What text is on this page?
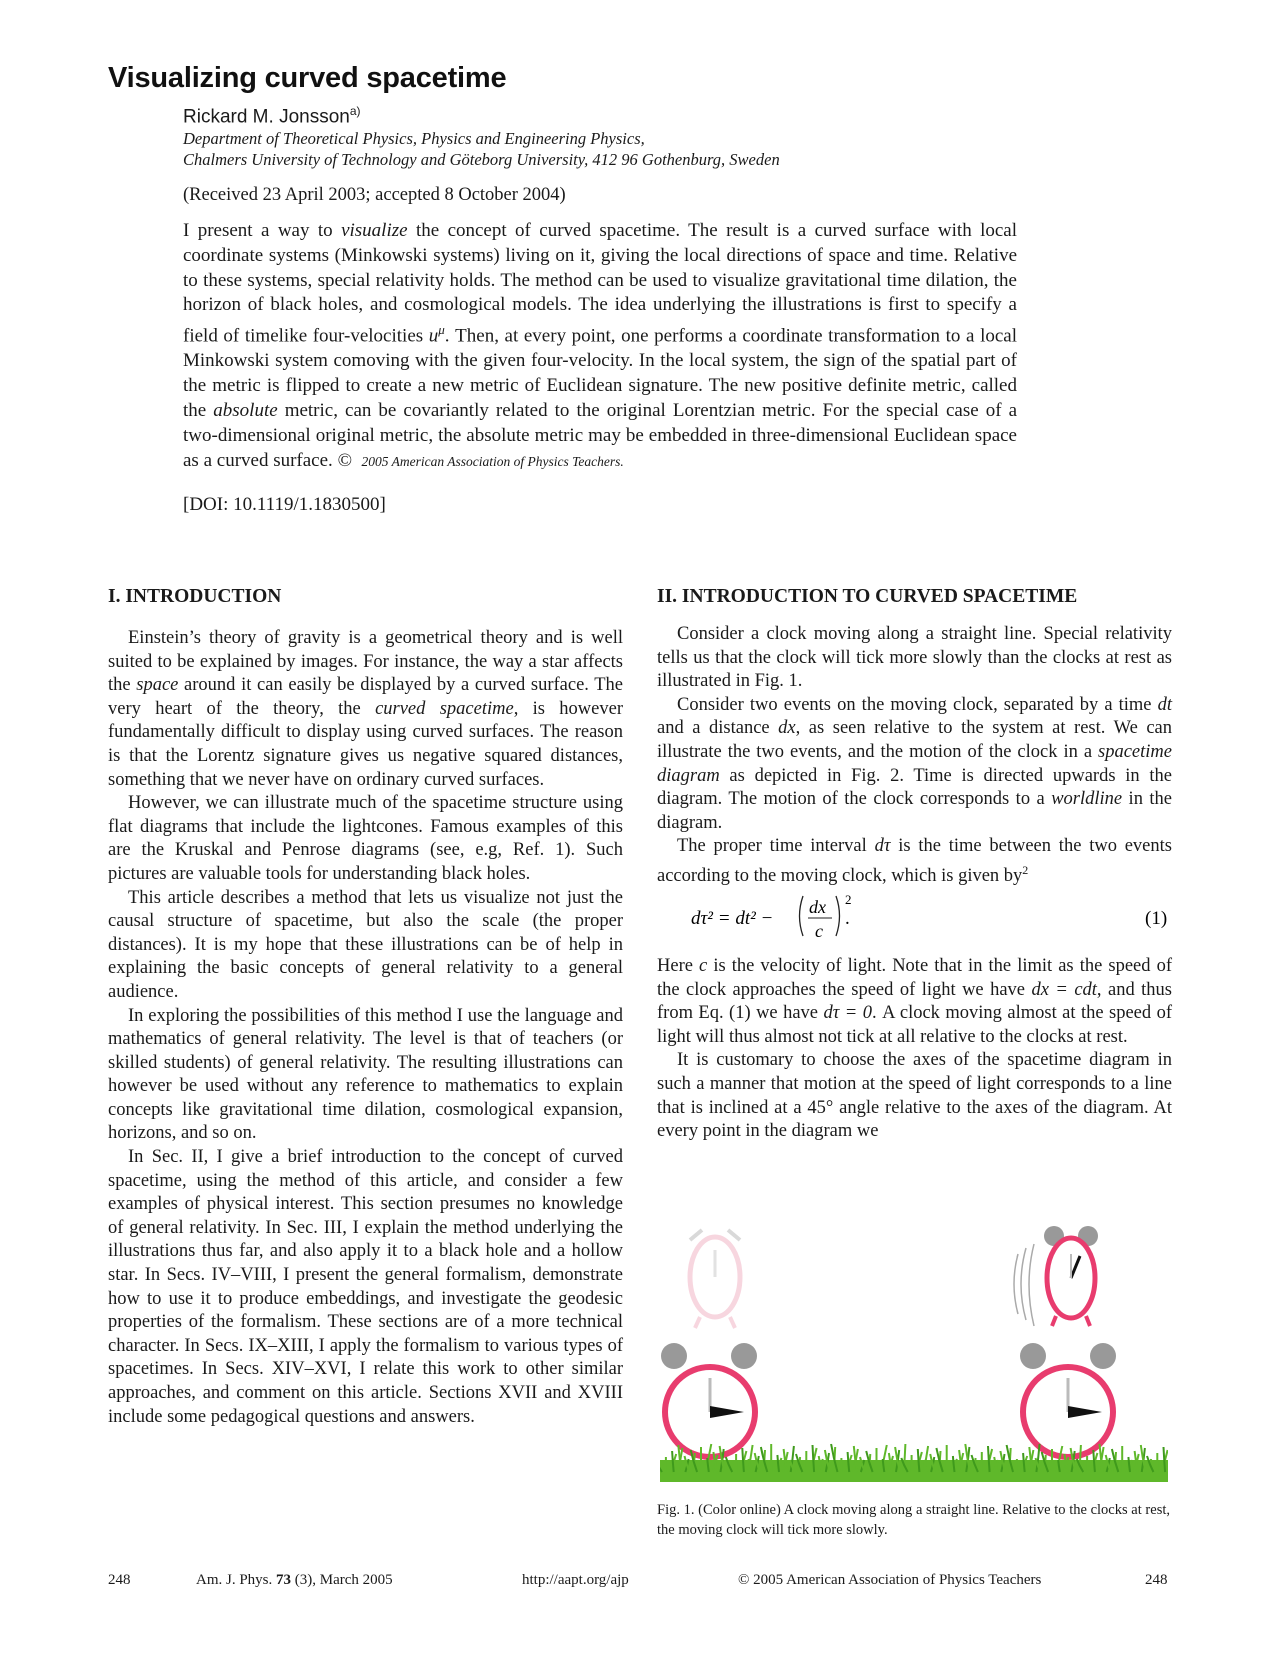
Visualizing curved spacetime
Rickard M. Jonsson$^{a)}$
Department of Theoretical Physics, Physics and Engineering Physics,
Chalmers University of Technology and Göteborg University, 412 96 Gothenburg, Sweden
(Received 23 April 2003; accepted 8 October 2004)
I present a way to visualize the concept of curved spacetime. The result is a curved surface with local coordinate systems (Minkowski systems) living on it, giving the local directions of space and time. Relative to these systems, special relativity holds. The method can be used to visualize gravitational time dilation, the horizon of black holes, and cosmological models. The idea underlying the illustrations is first to specify a field of timelike four-velocities $u^\mu$. Then, at every point, one performs a coordinate transformation to a local Minkowski system comoving with the given four-velocity. In the local system, the sign of the spatial part of the metric is flipped to create a new metric of Euclidean signature. The new positive definite metric, called the absolute metric, can be covariantly related to the original Lorentzian metric. For the special case of a two-dimensional original metric, the absolute metric may be embedded in three-dimensional Euclidean space as a curved surface. © 2005 American Association of Physics Teachers.
[DOI: 10.1119/1.1830500]
I. INTRODUCTION

Einstein’s theory of gravity is a geometrical theory and is well suited to be explained by images. For instance, the way a star affects the space around it can easily be displayed by a curved surface. The very heart of the theory, the curved spacetime, is however fundamentally difficult to display using curved surfaces. The reason is that the Lorentz signature gives us negative squared distances, something that we never have on ordinary curved surfaces.

However, we can illustrate much of the spacetime structure using flat diagrams that include the lightcones. Famous examples of this are the Kruskal and Penrose diagrams (see, e.g, Ref. 1). Such pictures are valuable tools for understanding black holes.

This article describes a method that lets us visualize not just the causal structure of spacetime, but also the scale (the proper distances). It is my hope that these illustrations can be of help in explaining the basic concepts of general relativity to a general audience.

In exploring the possibilities of this method I use the language and mathematics of general relativity. The level is that of teachers (or skilled students) of general relativity. The resulting illustrations can however be used without any reference to mathematics to explain concepts like gravitational time dilation, cosmological expansion, horizons, and so on.

In Sec. II, I give a brief introduction to the concept of curved spacetime, using the method of this article, and consider a few examples of physical interest. This section presumes no knowledge of general relativity. In Sec. III, I explain the method underlying the illustrations thus far, and also apply it to a black hole and a hollow star. In Secs. IV–VIII, I present the general formalism, demonstrate how to use it to produce embeddings, and investigate the geodesic properties of the formalism. These sections are of a more technical character. In Secs. IX–XIII, I apply the formalism to various types of spacetimes. In Secs. XIV–XVI, I relate this work to other similar approaches, and comment on this article. Sections XVII and XVIII include some pedagogical questions and answers.

II. INTRODUCTION TO CURVED SPACETIME

Consider a clock moving along a straight line. Special relativity tells us that the clock will tick more slowly than the clocks at rest as illustrated in Fig. 1.

Consider two events on the moving clock, separated by a time dt and a distance dx, as seen relative to the system at rest. We can illustrate the two events, and the motion of the clock in a spacetime diagram as depicted in Fig. 2. Time is directed upwards in the diagram. The motion of the clock corresponds to a worldline in the diagram.

The proper time interval dτ is the time between the two events according to the moving clock, which is given $by^2$

dτ² = dt² −
dx
c
2
.	(1)

Here c is the velocity of light. Note that in the limit as the speed of the clock approaches the speed of light we have dx = cdt, and thus from Eq. (1) we have dτ = 0. A clock moving almost at the speed of light will thus almost not tick at all relative to the clocks at rest.

It is customary to choose the axes of the spacetime diagram in such a manner that motion at the speed of light corresponds to a line that is inclined at a 45° angle relative to the axes of the diagram. At every point in the diagram we

Fig. 1. (Color online) A clock moving along a straight line. Relative to the clocks at rest, the moving clock will tick more slowly.
248	Am. J. Phys. 73 (3), March 2005	http://aapt.org/ajp	© 2005 American Association of Physics Teachers	248
